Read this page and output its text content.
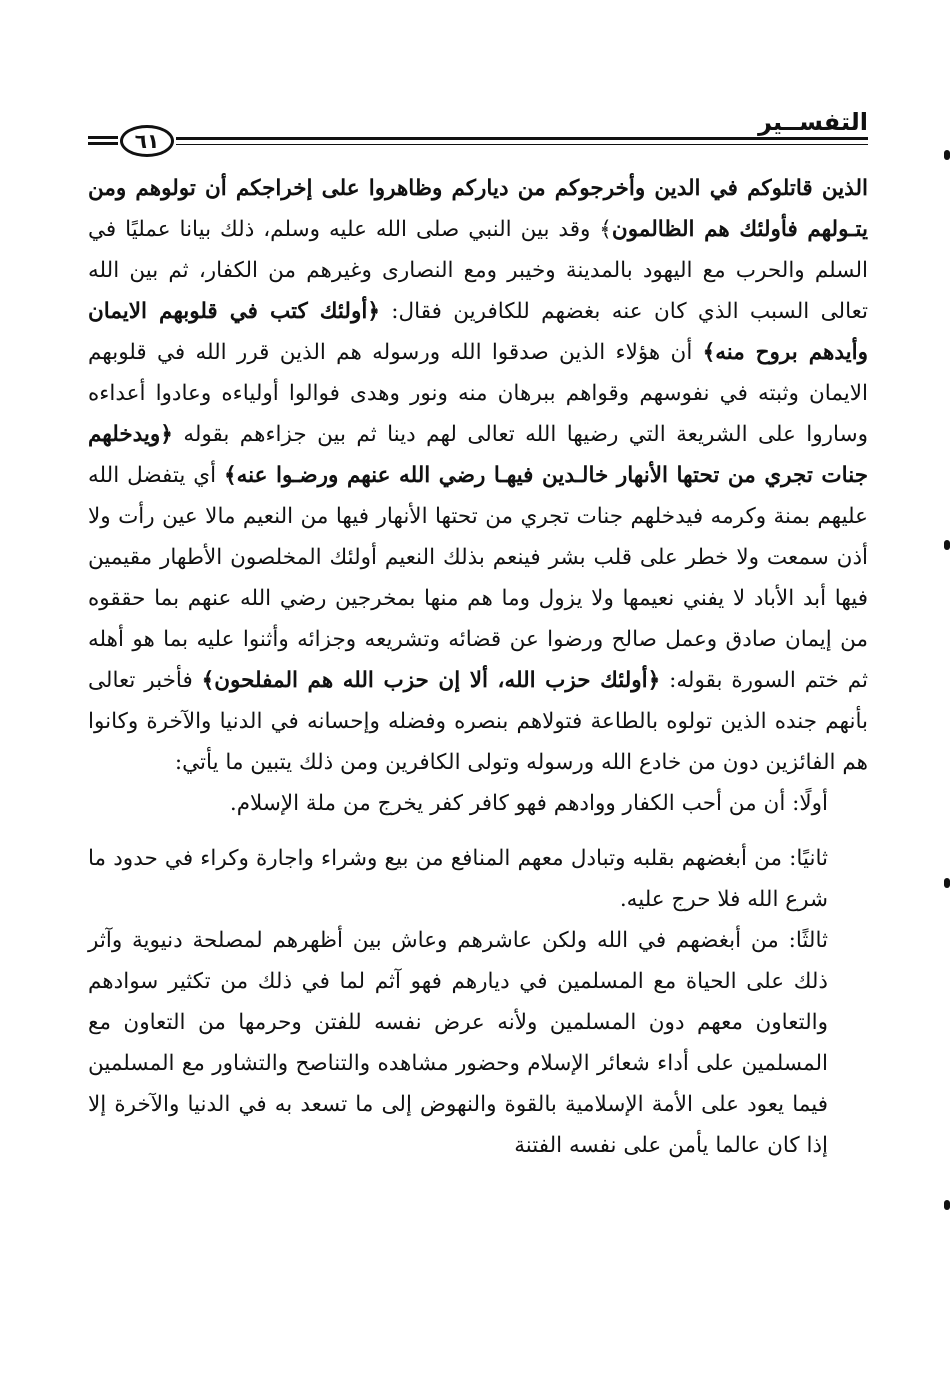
التفســير
٦١

الذين قاتلوكم في الدين وأخرجوكم من دياركم وظاهروا على إخراجكم أن تولوهم ومن يتـولهم فأولئك هم الظالمون﴾ وقد بين النبي صلى الله عليه وسلم، ذلك بيانا عمليًا في السلم والحرب مع اليهود بالمدينة وخيبر ومع النصارى وغيرهم من الكفار، ثم بين الله تعالى السبب الذي كان عنه بغضهم للكافرين فقال: ﴿أولئك كتب في قلوبهم الايمان وأيدهم بروح منه﴾ أن هؤلاء الذين صدقوا الله ورسوله هم الذين قرر الله في قلوبهم الايمان وثبته في نفوسهم وقواهم ببرهان منه ونور وهدى فوالوا أولياءه وعادوا أعداءه وساروا على الشريعة التي رضيها الله تعالى لهم دينا ثم بين جزاءهم بقوله ﴿ويدخلهم جنات تجري من تحتها الأنهار خالـدين فيهـا رضي الله عنهم ورضـوا عنه﴾ أي يتفضل الله عليهم بمنة وكرمه فيدخلهم جنات تجري من تحتها الأنهار فيها من النعيم مالا عين رأت ولا أذن سمعت ولا خطر على قلب بشر فينعم بذلك النعيم أولئك المخلصون الأطهار مقيمين فيها أبد الأباد لا يفني نعيمها ولا يزول وما هم منها بمخرجين رضي الله عنهم بما حققوه من إيمان صادق وعمل صالح ورضوا عن قضائه وتشريعه وجزائه وأثنوا عليه بما هو أهله ثم ختم السورة بقوله: ﴿أولئك حزب الله، ألا إن حزب الله هم المفلحون﴾ فأخبر تعالى بأنهم جنده الذين تولوه بالطاعة فتولاهم بنصره وفضله وإحسانه في الدنيا والآخرة وكانوا هم الفائزين دون من خادع الله ورسوله وتولى الكافرين ومن ذلك يتبين ما يأتي:

أولًا: أن من أحب الكفار ووادهم فهو كافر كفر يخرج من ملة الإسلام.

ثانيًا: من أبغضهم بقلبه وتبادل معهم المنافع من بيع وشراء واجارة وكراء في حدود ما شرع الله فلا حرج عليه.

ثالثًا: من أبغضهم في الله ولكن عاشرهم وعاش بين أظهرهم لمصلحة دنيوية وآثر ذلك على الحياة مع المسلمين في ديارهم فهو آثم لما في ذلك من تكثير سوادهم والتعاون معهم دون المسلمين ولأنه عرض نفسه للفتن وحرمها من التعاون مع المسلمين على أداء شعائر الإسلام وحضور مشاهده والتناصح والتشاور مع المسلمين فيما يعود على الأمة الإسلامية بالقوة والنهوض إلى ما تسعد به في الدنيا والآخرة إلا إذا كان عالما يأمن على نفسه الفتنة
